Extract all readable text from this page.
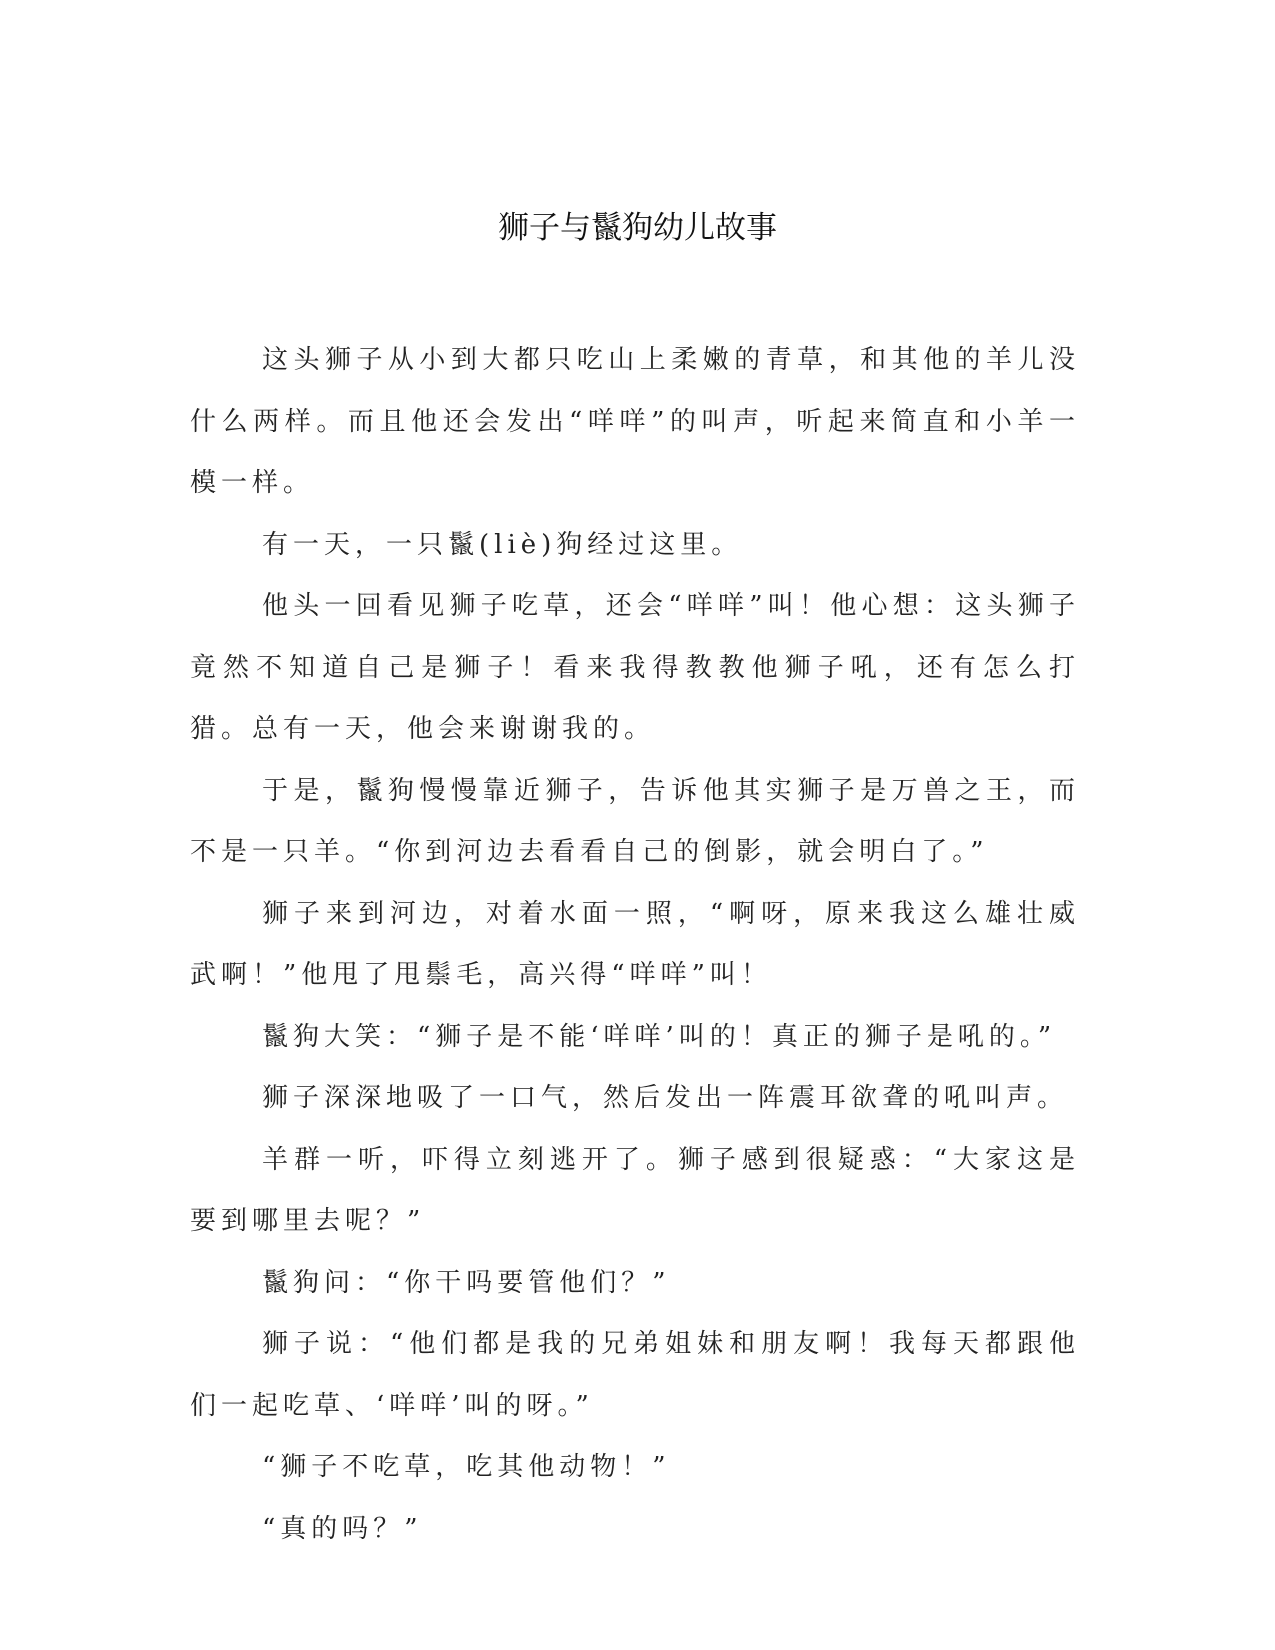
狮子与鬣狗幼儿故事

这头狮子从小到大都只吃山上柔嫩的青草，和其他的羊儿没什么两样。而且他还会发出“咩咩”的叫声，听起来简直和小羊一模一样。

有一天，一只鬣(liè)狗经过这里。

他头一回看见狮子吃草，还会“咩咩”叫！他心想：这头狮子竟然不知道自己是狮子！看来我得教教他狮子吼，还有怎么打猎。总有一天，他会来谢谢我的。

于是，鬣狗慢慢靠近狮子，告诉他其实狮子是万兽之王，而不是一只羊。“你到河边去看看自己的倒影，就会明白了。”

狮子来到河边，对着水面一照，“啊呀，原来我这么雄壮威武啊！”他甩了甩鬃毛，高兴得“咩咩”叫！

鬣狗大笑：“狮子是不能‘咩咩’叫的！真正的狮子是吼的。”

狮子深深地吸了一口气，然后发出一阵震耳欲聋的吼叫声。

羊群一听，吓得立刻逃开了。狮子感到很疑惑：“大家这是要到哪里去呢？”

鬣狗问：“你干吗要管他们？”

狮子说：“他们都是我的兄弟姐妹和朋友啊！我每天都跟他们一起吃草、‘咩咩’叫的呀。”

“狮子不吃草，吃其他动物！”

“真的吗？”
